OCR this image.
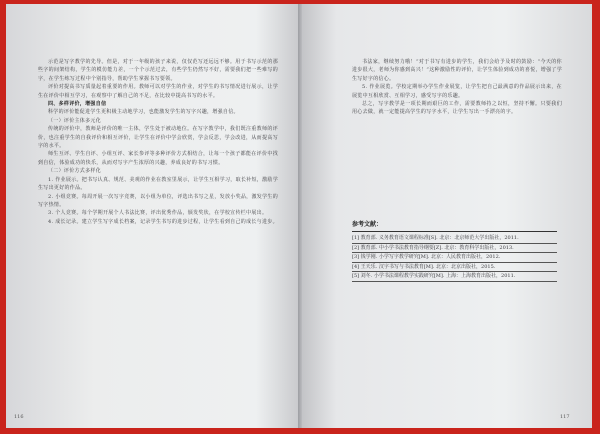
示范是写字教学的先导。但是，对于一年级的孩子来说，仅仅范写还远远不够。用于书写示范的那些字的间架结构，学生的模仿能力差，一个个示范过去，有些学生仍然写不好，需要我们把一些难写的字，在学生练写过程中个别指导，帮助学生掌握书写要领。

评价对提高书写质量起着重要的作用。教师可以对学生的作业，对学生的书写情况进行展示，让学生在评价中相互学习，在观察中了解自己的不足，在比较中提高书写的水平。

四、多样评价，增强自信

科学的评价能促进学生更积极主动地学习，也能激发学生的写字兴趣，增强自信。

（一）评价主体多元化

传统的评价中，教师是评价的唯一主体，学生处于被动地位。在写字教学中，我们既注重教师的评价，也注重学生的自我评价和相互评价，让学生在评价中学会欣赏，学会反思，学会改进，从而提高写字的水平。

师生互评、学生自评、小组互评、家长参评等多种评价方式相结合，让每一个孩子都能在评价中找到自信，体验成功的快乐，从而对写字产生浓厚的兴趣，养成良好的书写习惯。

（二）评价方式多样化

1. 作业展示。把书写认真、规范、美观的作业在教室里展示，让学生互相学习，取长补短，激励学生写出更好的作品。

2. 小组竞赛。每周开展一次写字竞赛，以小组为单位，评选出书写之星，发放小奖品，激发学生的写字热情。

3. 个人竞赛。每个学期开展个人书法比赛，评出优秀作品，颁发奖状，在学校宣传栏中展出。

4. 成长记录。建立学生写字成长档案，记录学生书写的进步过程，让学生看到自己的成长与进步。

116

书法家，继续努力哦！”对于书写有进步的学生，我们会给予及时的鼓励：“今天的你进步很大，老师为你感到高兴！”这种激励性的评价，让学生体验到成功的喜悦，增强了学生写好字的信心。

5. 作业展览。学校定期举办学生作业展览，让学生把自己最满意的作品展示出来，在展览中互相欣赏、互相学习，感受写字的乐趣。

总之，写字教学是一项长期而艰巨的工作，需要教师持之以恒，坚持不懈。只要我们用心去做，就一定能提高学生的写字水平，让学生写出一手漂亮的字。

参考文献：
[1] 教育部. 义务教育语文课程标准[S]. 北京：北京师范大学出版社，2011.
[2] 教育部. 中小学书法教育指导纲要[Z]. 北京：教育科学出版社，2013.
[3] 钱学刚. 小学写字教学研究[M]. 北京：人民教育出版社，2012.
[4] 王天乐. 汉字书写与书法教育[M]. 北京：北京出版社，2015.
[5] 刘冬. 小学书法课程教学实践研究[M]. 上海：上海教育出版社，2011.
117
